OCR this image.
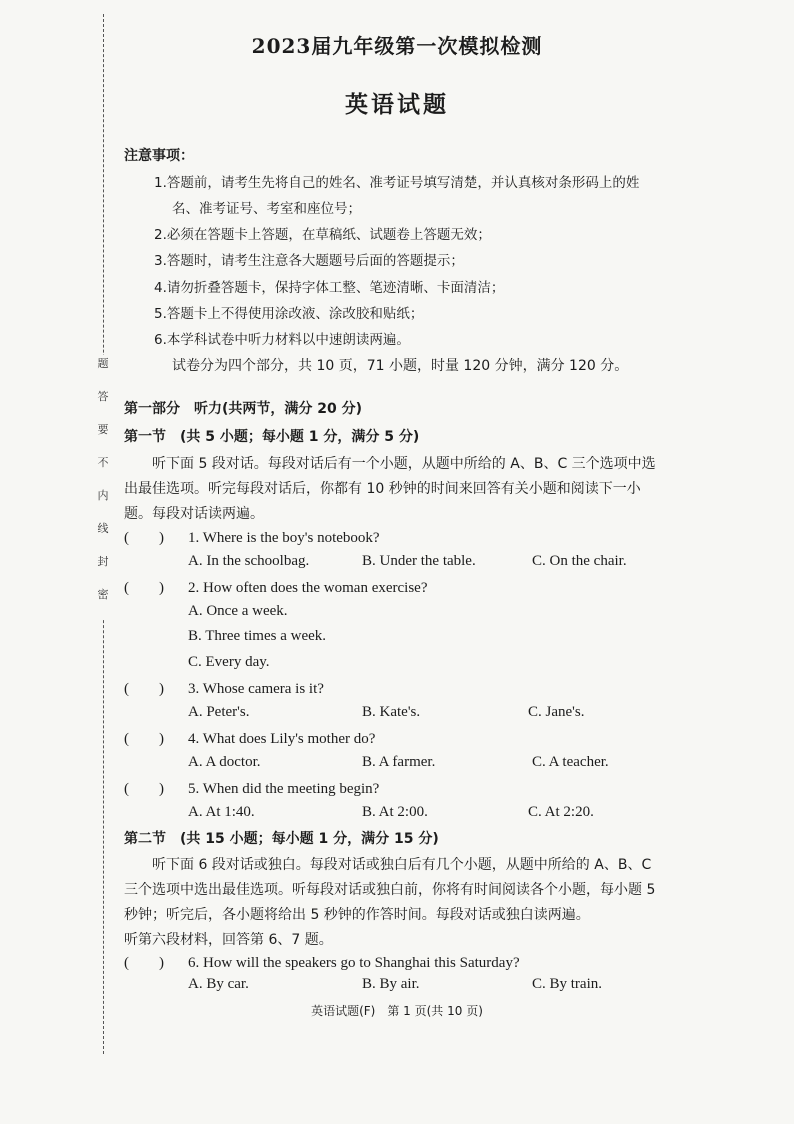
题
答
要
不
内
线
封
密
2023届九年级第一次模拟检测
英语试题
注意事项：
1.答题前，请考生先将自己的姓名、准考证号填写清楚，并认真核对条形码上的姓
名、准考证号、考室和座位号；
2.必须在答题卡上答题，在草稿纸、试题卷上答题无效；
3.答题时，请考生注意各大题题号后面的答题提示；
4.请勿折叠答题卡，保持字体工整、笔迹清晰、卡面清洁；
5.答题卡上不得使用涂改液、涂改胶和贴纸；
6.本学科试卷中听力材料以中速朗读两遍。
试卷分为四个部分，共 10 页，71 小题，时量 120 分钟，满分 120 分。
第一部分　听力(共两节，满分 20 分)
第一节　(共 5 小题；每小题 1 分，满分 5 分)
听下面 5 段对话。每段对话后有一个小题，从题中所给的 A、B、C 三个选项中选
出最佳选项。听完每段对话后，你都有 10 秒钟的时间来回答有关小题和阅读下一小
题。每段对话读两遍。
(　　) 1. Where is the boy's notebook?
A. In the schoolbag.	B. Under the table.	C. On the chair.
(　　) 2. How often does the woman exercise?
A. Once a week.
B. Three times a week.
C. Every day.
(　　) 3. Whose camera is it?
A. Peter's.	B. Kate's.	C. Jane's.
(　　) 4. What does Lily's mother do?
A. A doctor.	B. A farmer.	C. A teacher.
(　　) 5. When did the meeting begin?
A. At 1:40.	B. At 2:00.	C. At 2:20.
第二节　(共 15 小题；每小题 1 分，满分 15 分)
听下面 6 段对话或独白。每段对话或独白后有几个小题，从题中所给的 A、B、C
三个选项中选出最佳选项。听每段对话或独白前，你将有时间阅读各个小题，每小题 5
秒钟；听完后，各小题将给出 5 秒钟的作答时间。每段对话或独白读两遍。
听第六段材料，回答第 6、7 题。
(　　) 6. How will the speakers go to Shanghai this Saturday?
A. By car.	B. By air.	C. By train.
英语试题(F)　第 1 页(共 10 页)
